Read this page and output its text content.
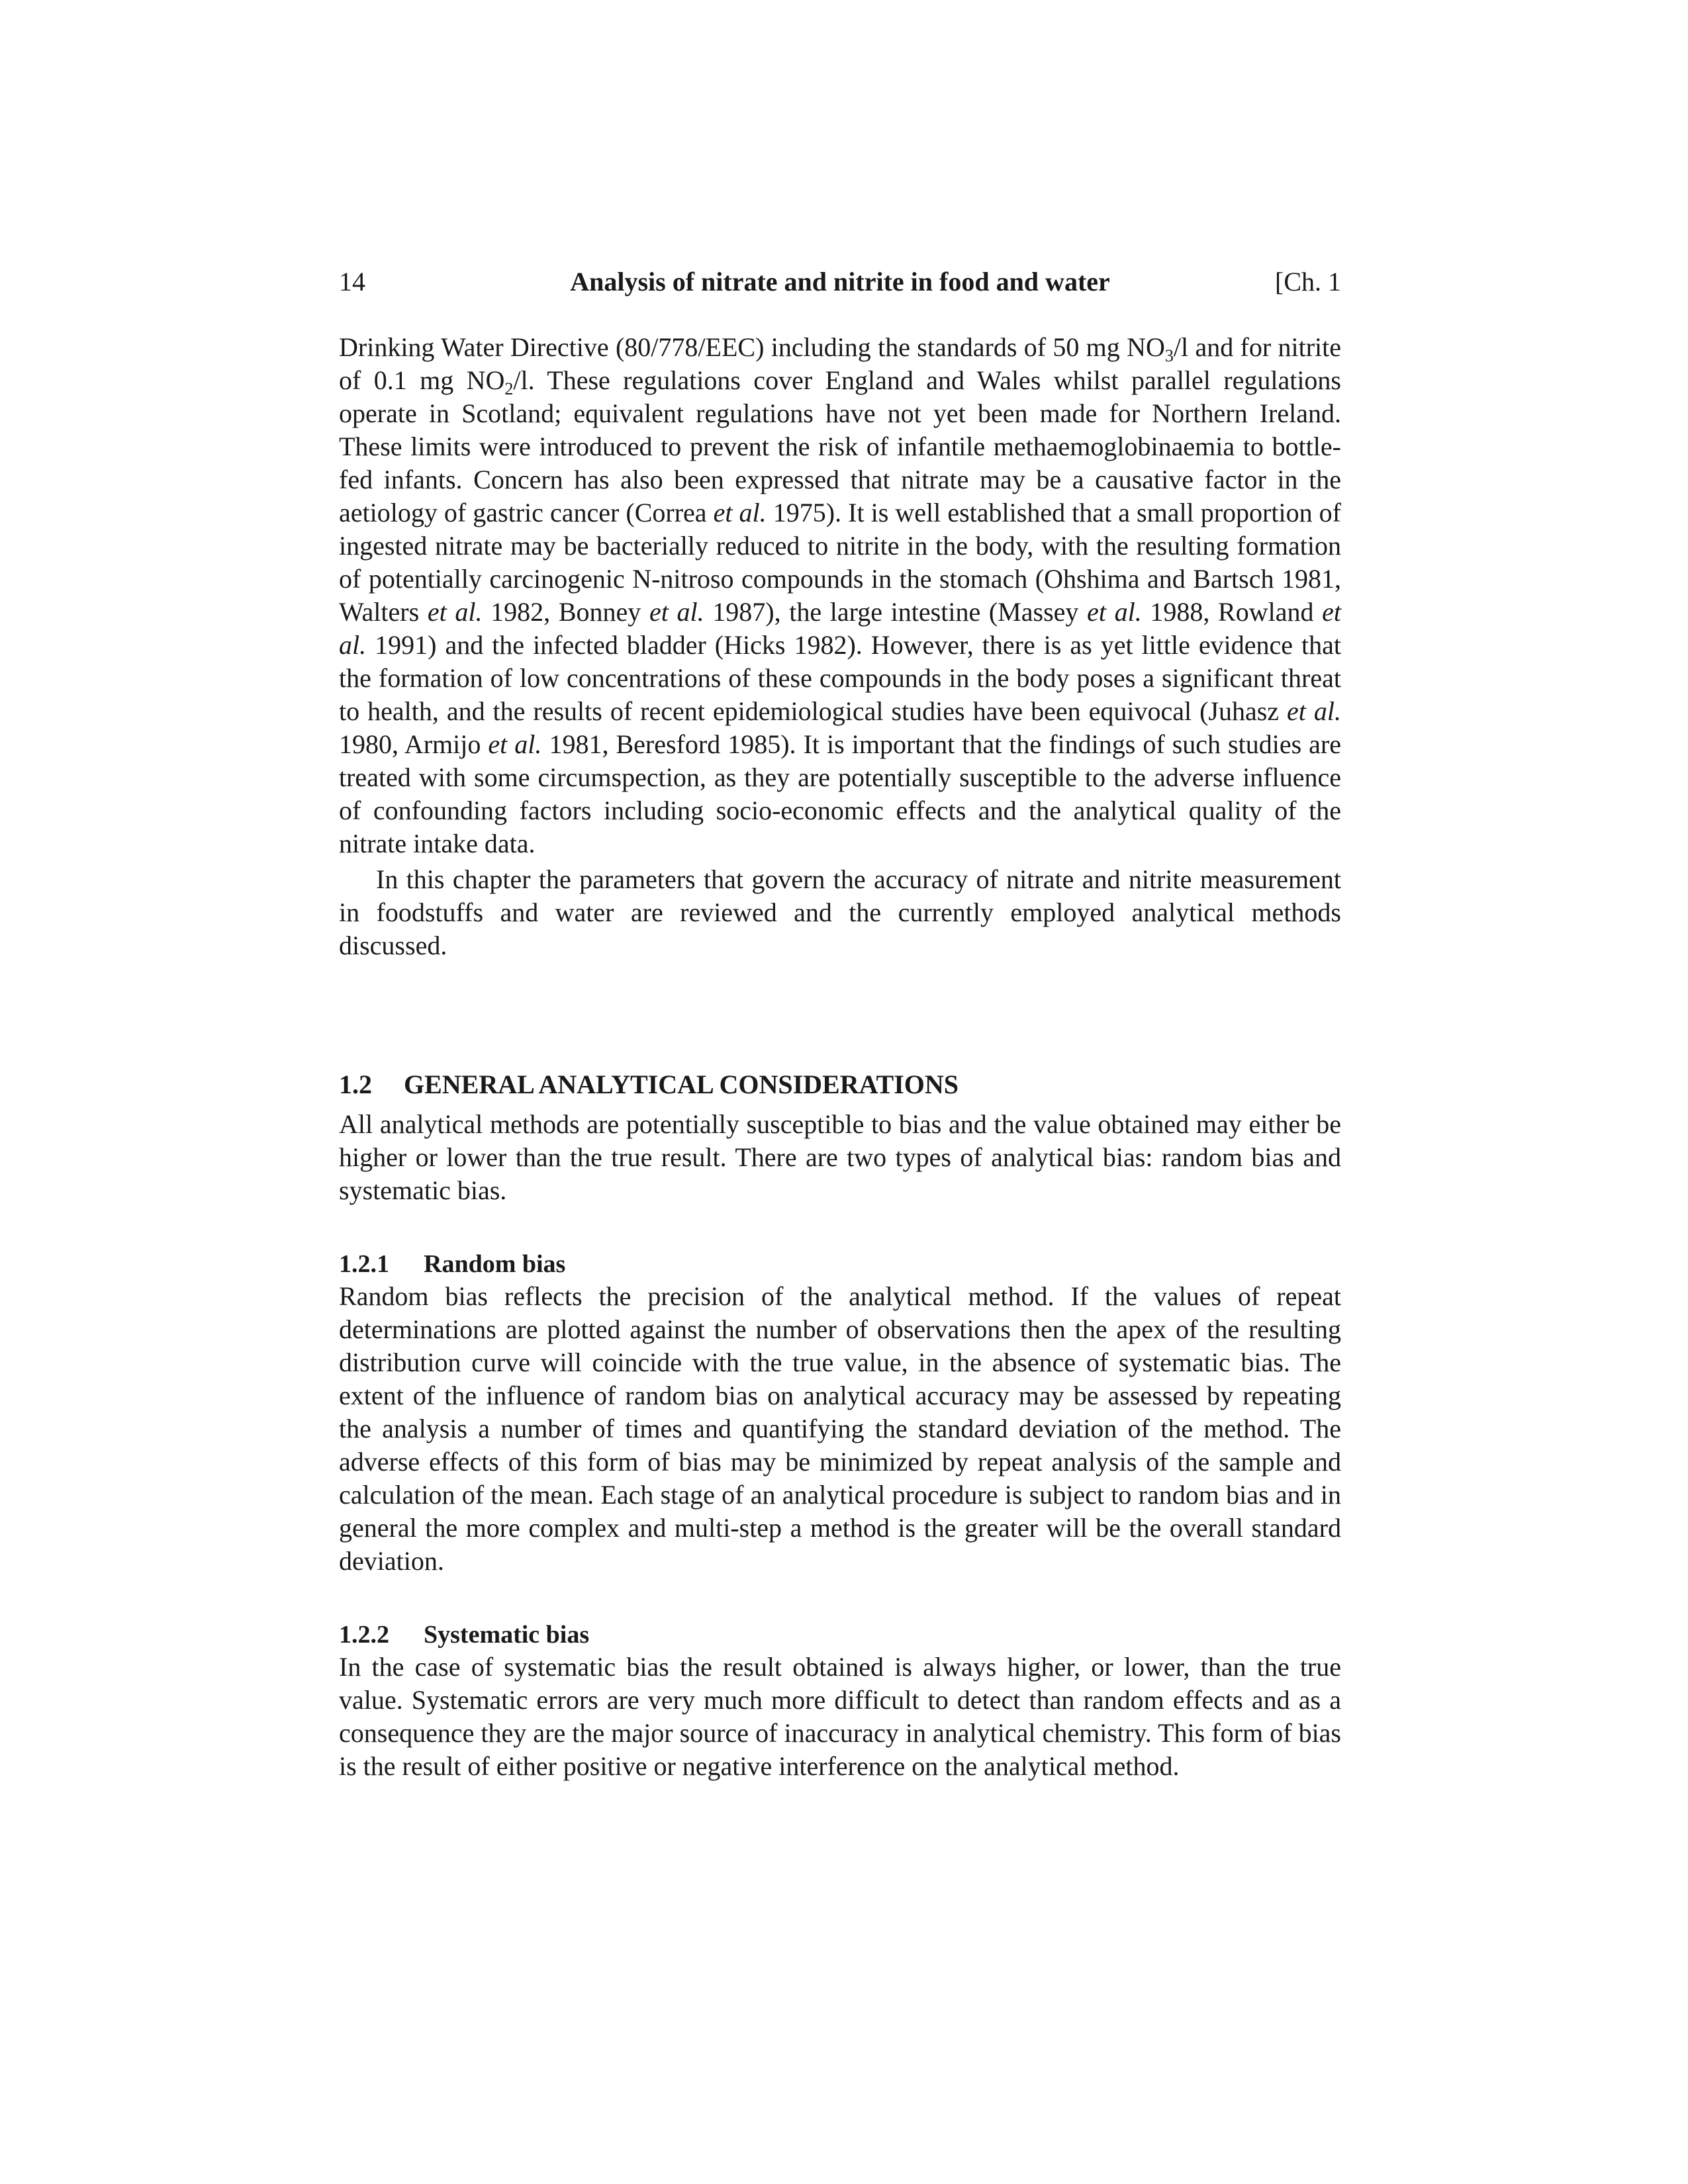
14	Analysis of nitrate and nitrite in food and water	[Ch. 1

Drinking Water Directive (80/778/EEC) including the standards of 50 mg $NO_3/l$ and for nitrite of 0.1 mg $NO_2/l$. These regulations cover England and Wales whilst parallel regulations operate in Scotland; equivalent regulations have not yet been made for Northern Ireland. These limits were introduced to prevent the risk of infantile methaemoglobinaemia to bottle-fed infants. Concern has also been expressed that nitrate may be a causative factor in the aetiology of gastric cancer (Correa et al. 1975). It is well established that a small proportion of ingested nitrate may be bacterially reduced to nitrite in the body, with the resulting formation of potentially carcinogenic N-nitroso compounds in the stomach (Ohshima and Bartsch 1981, Walters et al. 1982, Bonney et al. 1987), the large intestine (Massey et al. 1988, Rowland et al. 1991) and the infected bladder (Hicks 1982). However, there is as yet little evidence that the formation of low concentrations of these compounds in the body poses a significant threat to health, and the results of recent epidemiological studies have been equivocal (Juhasz et al. 1980, Armijo et al. 1981, Beresford 1985). It is important that the findings of such studies are treated with some circumspection, as they are potentially susceptible to the adverse influence of confounding factors including socio-economic effects and the analytical quality of the nitrate intake data.

In this chapter the parameters that govern the accuracy of nitrate and nitrite measurement in foodstuffs and water are reviewed and the currently employed analytical methods discussed.

1.2 GENERAL ANALYTICAL CONSIDERATIONS

All analytical methods are potentially susceptible to bias and the value obtained may either be higher or lower than the true result. There are two types of analytical bias: random bias and systematic bias.

1.2.1 Random bias

Random bias reflects the precision of the analytical method. If the values of repeat determinations are plotted against the number of observations then the apex of the resulting distribution curve will coincide with the true value, in the absence of systematic bias. The extent of the influence of random bias on analytical accuracy may be assessed by repeating the analysis a number of times and quantifying the standard deviation of the method. The adverse effects of this form of bias may be minimized by repeat analysis of the sample and calculation of the mean. Each stage of an analytical procedure is subject to random bias and in general the more complex and multi-step a method is the greater will be the overall standard deviation.

1.2.2 Systematic bias

In the case of systematic bias the result obtained is always higher, or lower, than the true value. Systematic errors are very much more difficult to detect than random effects and as a consequence they are the major source of inaccuracy in analytical chemistry. This form of bias is the result of either positive or negative interference on the analytical method.
